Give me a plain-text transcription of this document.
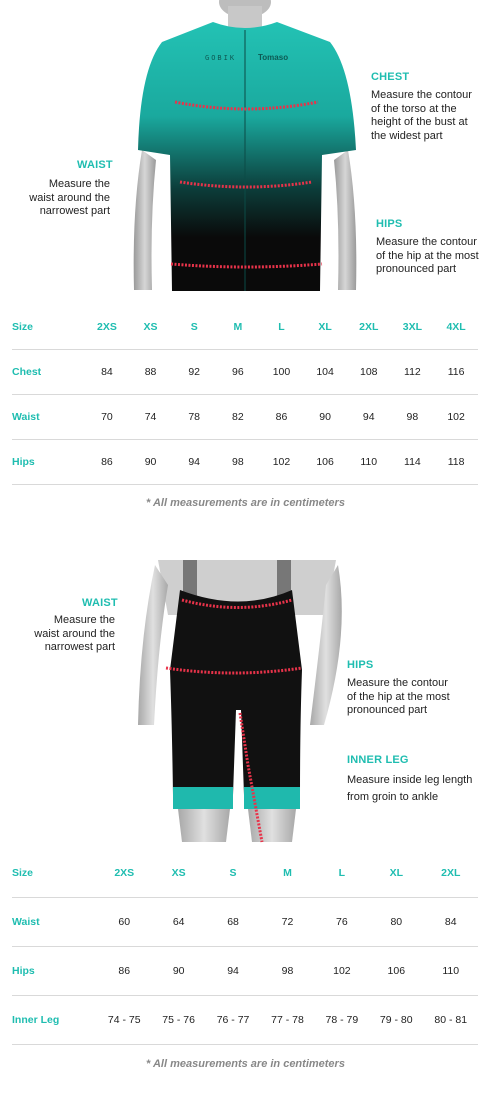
GOBIK	Tomaso
CHEST
Measure the contour
of the torso at the
height of the bust at
the widest part
WAIST
Measure the
waist around the
narrowest part
HIPS
Measure the contour
of the hip at the most
pronounced part
Size	2XS	XS	S	M	L	XL	2XL	3XL	4XL
Chest	84	88	92	96	100	104	108	112	116
Waist	70	74	78	82	86	90	94	98	102
Hips	86	90	94	98	102	106	110	114	118
* All measurements are in centimeters
WAIST
Measure the
waist around the
narrowest part
HIPS
Measure the contour
of the hip at the most
pronounced part
INNER LEG
Measure inside leg length
from groin to ankle
Size	2XS	XS	S	M	L	XL	2XL
Waist	60	64	68	72	76	80	84
Hips	86	90	94	98	102	106	110
Inner Leg	74 - 75	75 - 76	76 - 77	77 - 78	78 - 79	79 - 80	80 - 81
* All measurements are in centimeters
